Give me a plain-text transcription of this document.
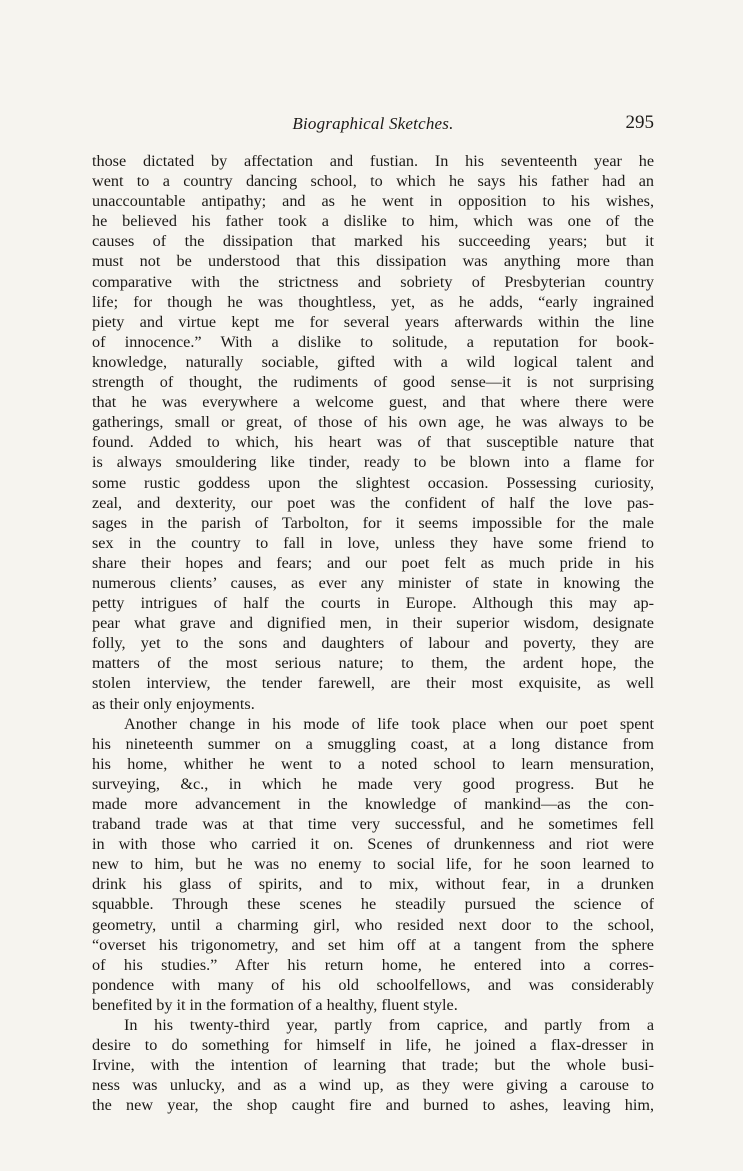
Biographical Sketches.	295
those dictated by affectation and fustian. In his seventeenth year he
went to a country dancing school, to which he says his father had an
unaccountable antipathy; and as he went in opposition to his wishes,
he believed his father took a dislike to him, which was one of the
causes of the dissipation that marked his succeeding years; but it
must not be understood that this dissipation was anything more than
comparative with the strictness and sobriety of Presbyterian country
life; for though he was thoughtless, yet, as he adds, “early ingrained
piety and virtue kept me for several years afterwards within the line
of innocence.” With a dislike to solitude, a reputation for book-
knowledge, naturally sociable, gifted with a wild logical talent and
strength of thought, the rudiments of good sense—it is not surprising
that he was everywhere a welcome guest, and that where there were
gatherings, small or great, of those of his own age, he was always to be
found. Added to which, his heart was of that susceptible nature that
is always smouldering like tinder, ready to be blown into a flame for
some rustic goddess upon the slightest occasion. Possessing curiosity,
zeal, and dexterity, our poet was the confident of half the love pas-
sages in the parish of Tarbolton, for it seems impossible for the male
sex in the country to fall in love, unless they have some friend to
share their hopes and fears; and our poet felt as much pride in his
numerous clients’ causes, as ever any minister of state in knowing the
petty intrigues of half the courts in Europe. Although this may ap-
pear what grave and dignified men, in their superior wisdom, designate
folly, yet to the sons and daughters of labour and poverty, they are
matters of the most serious nature; to them, the ardent hope, the
stolen interview, the tender farewell, are their most exquisite, as well
as their only enjoyments.
Another change in his mode of life took place when our poet spent
his nineteenth summer on a smuggling coast, at a long distance from
his home, whither he went to a noted school to learn mensuration,
surveying, &c., in which he made very good progress. But he
made more advancement in the knowledge of mankind—as the con-
traband trade was at that time very successful, and he sometimes fell
in with those who carried it on. Scenes of drunkenness and riot were
new to him, but he was no enemy to social life, for he soon learned to
drink his glass of spirits, and to mix, without fear, in a drunken
squabble. Through these scenes he steadily pursued the science of
geometry, until a charming girl, who resided next door to the school,
“overset his trigonometry, and set him off at a tangent from the sphere
of his studies.” After his return home, he entered into a corres-
pondence with many of his old schoolfellows, and was considerably
benefited by it in the formation of a healthy, fluent style.
In his twenty-third year, partly from caprice, and partly from a
desire to do something for himself in life, he joined a flax-dresser in
Irvine, with the intention of learning that trade; but the whole busi-
ness was unlucky, and as a wind up, as they were giving a carouse to
the new year, the shop caught fire and burned to ashes, leaving him,
